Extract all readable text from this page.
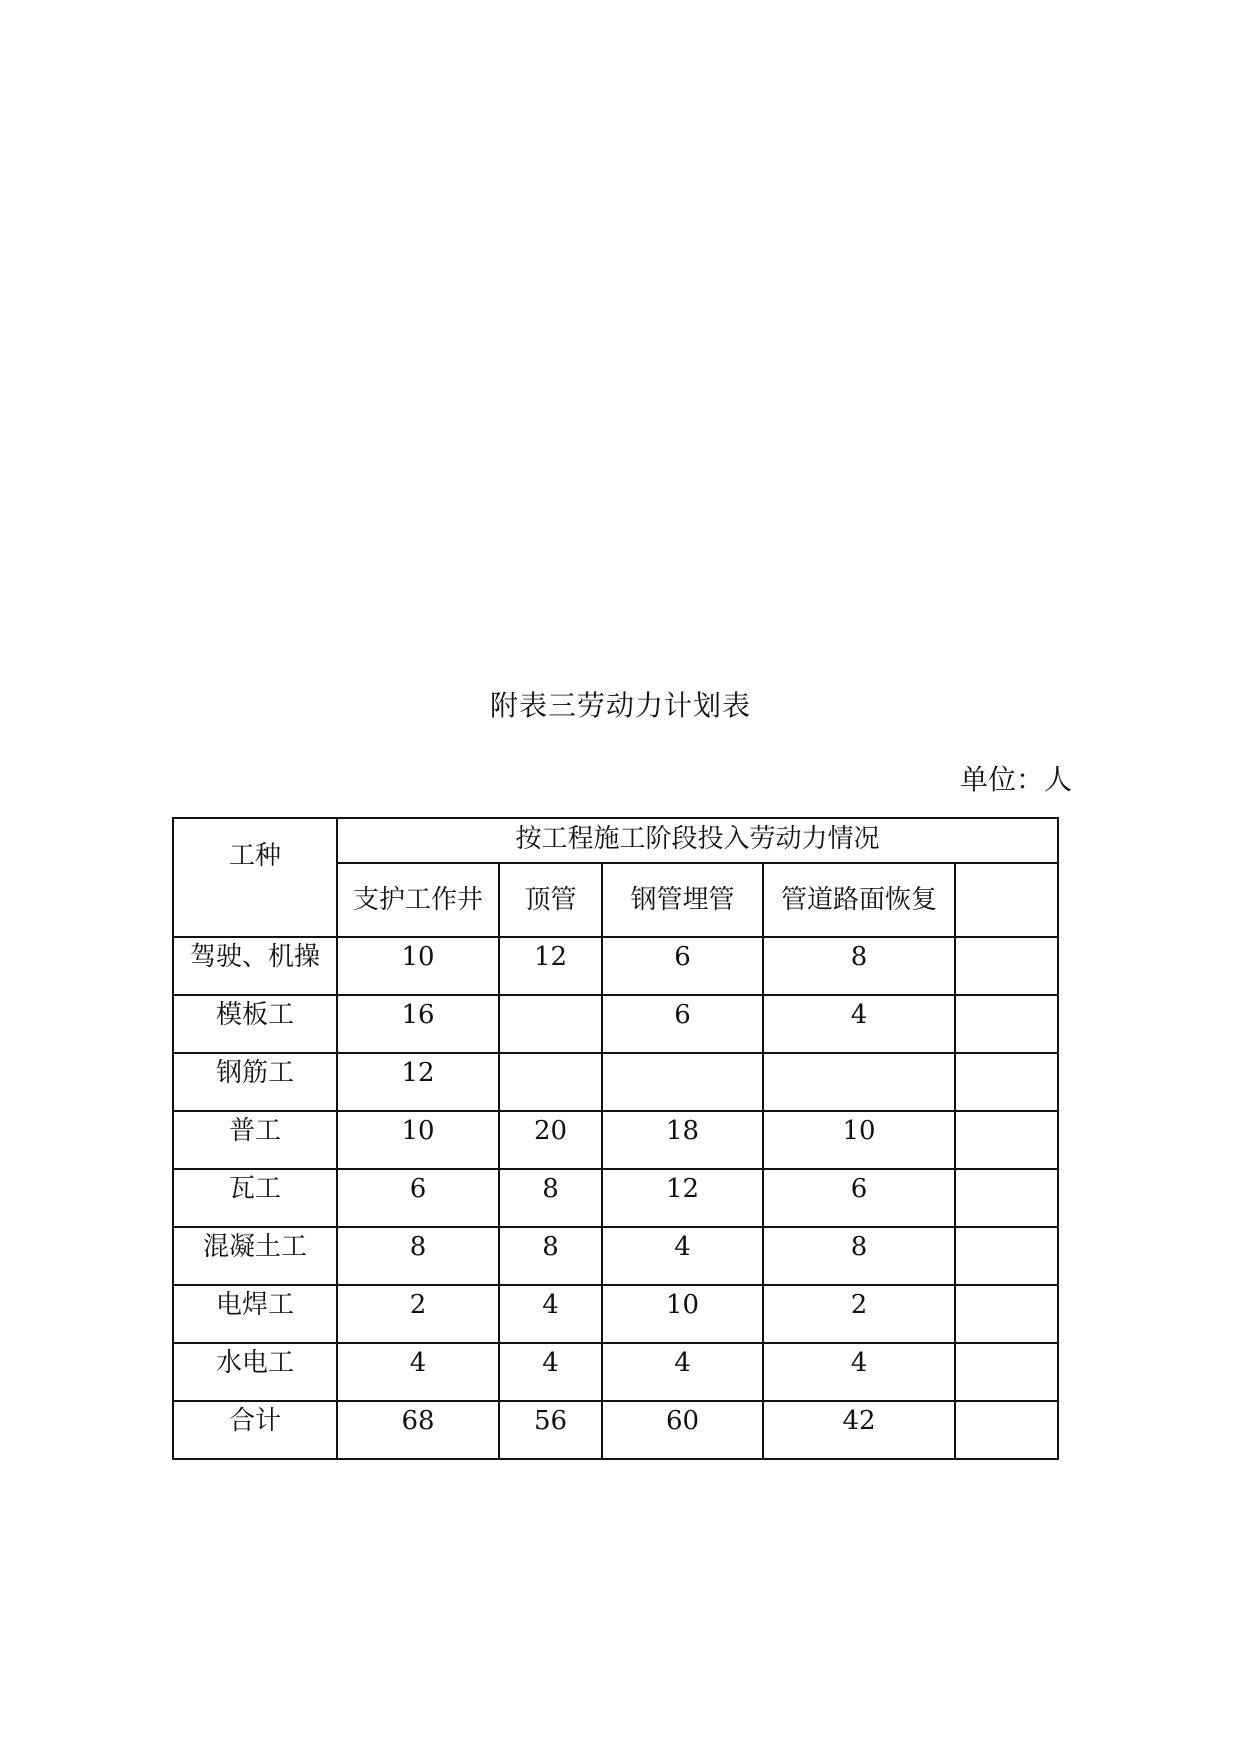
附表三劳动力计划表
单位：人
工种	按工程施工阶段投入劳动力情况				
	支护工作井	顶管	钢管埋管	管道路面恢复	
驾驶、机操	10	12	6	8	
模板工	16		6	4	
钢筋工	12				
普工	10	20	18	10	
瓦工	6	8	12	6	
混凝土工	8	8	4	8	
电焊工	2	4	10	2	
水电工	4	4	4	4	
合计	68	56	60	42	
